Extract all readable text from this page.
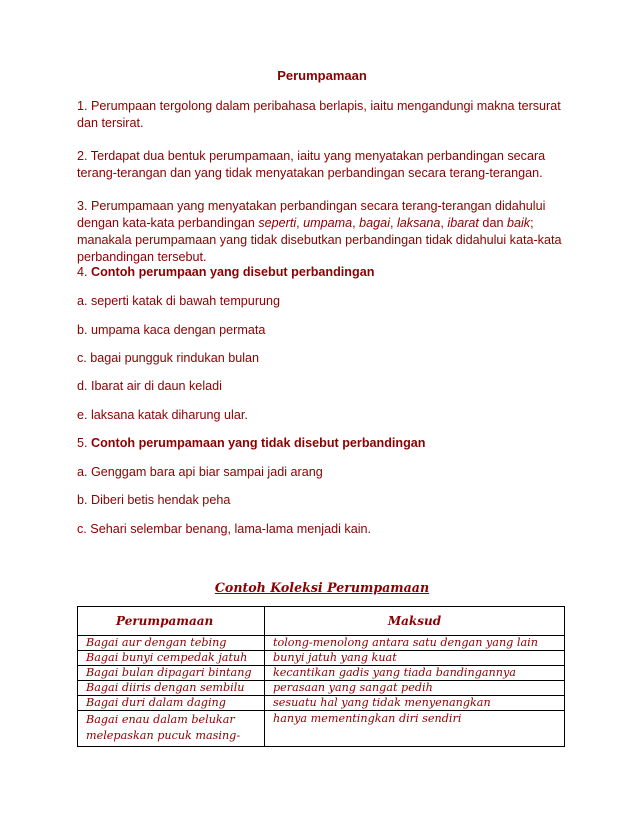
Perumpamaan
1. Perumpaan tergolong dalam peribahasa berlapis, iaitu mengandungi makna tersurat dan tersirat.
2. Terdapat dua bentuk perumpamaan, iaitu yang menyatakan perbandingan secara terang-terangan dan yang tidak menyatakan perbandingan secara terang-terangan.
3. Perumpamaan yang menyatakan perbandingan secara terang-terangan didahului dengan kata-kata perbandingan seperti, umpama, bagai, laksana, ibarat dan baik; manakala perumpamaan yang tidak disebutkan perbandingan tidak didahului kata-kata perbandingan tersebut.
4. Contoh perumpaan yang disebut perbandingan
a. seperti katak di bawah tempurung
b. umpama kaca dengan permata
c. bagai pungguk rindukan bulan
d. Ibarat air di daun keladi
e. laksana katak diharung ular.
5. Contoh perumpamaan yang tidak disebut perbandingan
a. Genggam bara api biar sampai jadi arang
b. Diberi betis hendak peha
c. Sehari selembar benang, lama-lama menjadi kain.
Contoh Koleksi Perumpamaan
Perumpamaan	Maksud
Bagai aur dengan tebing	tolong-menolong antara satu dengan yang lain
Bagai bunyi cempedak jatuh	bunyi jatuh yang kuat
Bagai bulan dipagari bintang	kecantikan gadis yang tiada bandingannya
Bagai diiris dengan sembilu	perasaan yang sangat pedih
Bagai duri dalam daging	sesuatu hal yang tidak menyenangkan
Bagai enau dalam belukar melepaskan pucuk masing-	hanya mementingkan diri sendiri
